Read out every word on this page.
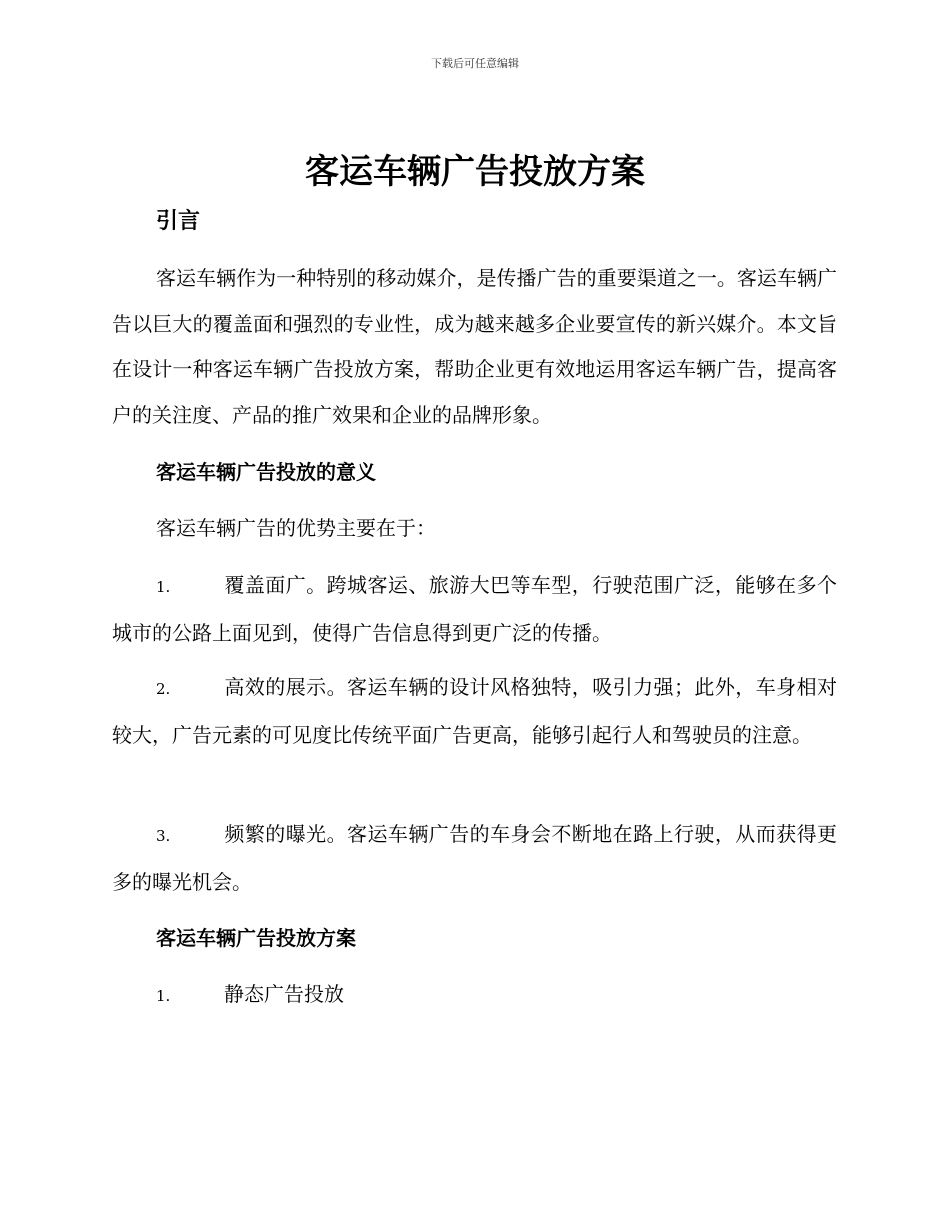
下载后可任意编辑
客运车辆广告投放方案
引言

客运车辆作为一种特别的移动媒介，是传播广告的重要渠道之一。客运车辆广告以巨大的覆盖面和强烈的专业性，成为越来越多企业要宣传的新兴媒介。本文旨在设计一种客运车辆广告投放方案，帮助企业更有效地运用客运车辆广告，提高客户的关注度、产品的推广效果和企业的品牌形象。

客运车辆广告投放的意义

客运车辆广告的优势主要在于：

1.	覆盖面广。跨城客运、旅游大巴等车型，行驶范围广泛，能够在多个城市的公路上面见到，使得广告信息得到更广泛的传播。

2.	高效的展示。客运车辆的设计风格独特，吸引力强；此外，车身相对较大，广告元素的可见度比传统平面广告更高，能够引起行人和驾驶员的注意。

3.	频繁的曝光。客运车辆广告的车身会不断地在路上行驶，从而获得更多的曝光机会。

客运车辆广告投放方案

1.	静态广告投放
